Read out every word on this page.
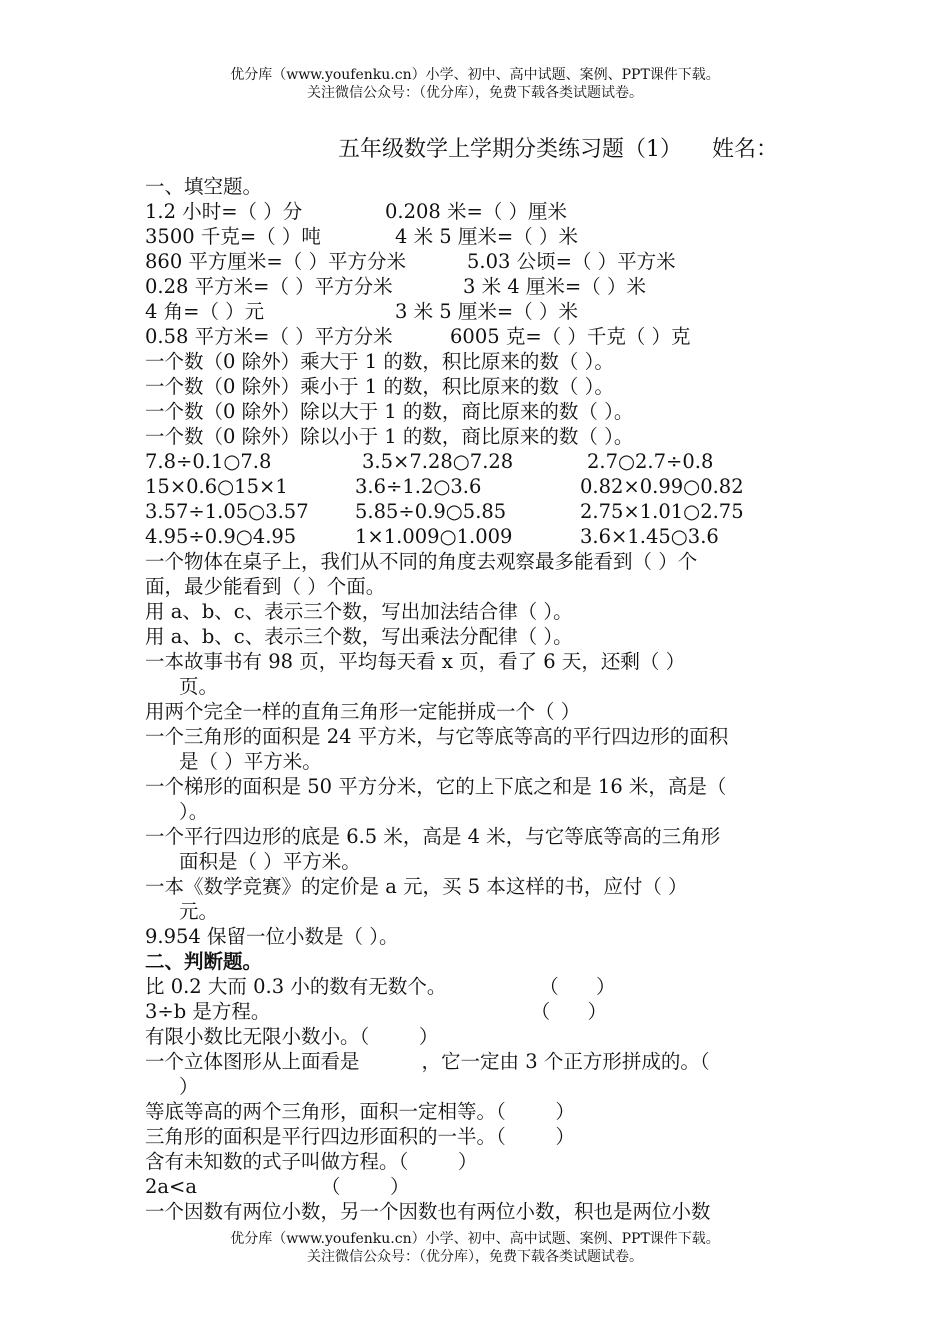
优分库（www.youfenku.cn）小学、初中、高中试题、案例、PPT课件下载。
关注微信公众号：（优分库），免费下载各类试题试卷。
五年级数学上学期分类练习题（1） 姓名：
一、填空题。
1.2 小时=（ ）分	0.208 米=（ ）厘米
3500 千克=（ ）吨	4 米 5 厘米=（ ）米
860 平方厘米=（ ）平方分米	5.03 公顷=（ ）平方米
0.28 平方米=（ ）平方分米	3 米 4 厘米=（ ）米
4 角=（ ）元	3 米 5 厘米=（ ）米
0.58 平方米=（ ）平方分米	6005 克=（ ）千克（ ）克
一个数（0 除外）乘大于 1 的数，积比原来的数（ ）。
一个数（0 除外）乘小于 1 的数，积比原来的数（ ）。
一个数（0 除外）除以大于 1 的数，商比原来的数（ ）。
一个数（0 除外）除以小于 1 的数，商比原来的数（ ）。
7.8÷0.1○7.8	3.5×7.28○7.28	2.7○2.7÷0.8
15×0.6○15×1	3.6÷1.2○3.6	0.82×0.99○0.82
3.57÷1.05○3.57 5.85÷0.9○5.85	2.75×1.01○2.75
4.95÷0.9○4.95	1×1.009○1.009	3.6×1.45○3.6
一个物体在桌子上，我们从不同的角度去观察最多能看到（ ）个
面，最少能看到（ ）个面。
用 a、b、c、表示三个数，写出加法结合律（ ）。
用 a、b、c、表示三个数，写出乘法分配律（ ）。
一本故事书有 98 页，平均每天看 x 页，看了 6 天，还剩（ ）
页。
用两个完全一样的直角三角形一定能拼成一个（ ）
一个三角形的面积是 24 平方米，与它等底等高的平行四边形的面积
是（ ）平方米。
一个梯形的面积是 50 平方分米，它的上下底之和是 16 米，高是（
）。
一个平行四边形的底是 6.5 米，高是 4 米，与它等底等高的三角形
面积是（ ）平方米。
一本《数学竞赛》的定价是 a 元，买 5 本这样的书，应付（ ）
元。
9.954 保留一位小数是（ ）。
二、判断题。
比 0.2 大而 0.3 小的数有无数个。               （      ）
3÷b 是方程。                                          （      ）
有限小数比无限小数小。（        ）
一个立体图形从上面看是	，它一定由 3 个正方形拼成的。（
）
等底等高的两个三角形，面积一定相等。（        ）
三角形的面积是平行四边形面积的一半。（        ）
含有未知数的式子叫做方程。（        ）
2a<a                    （        ）
一个因数有两位小数，另一个因数也有两位小数，积也是两位小数
优分库（www.youfenku.cn）小学、初中、高中试题、案例、PPT课件下载。
关注微信公众号：（优分库），免费下载各类试题试卷。
